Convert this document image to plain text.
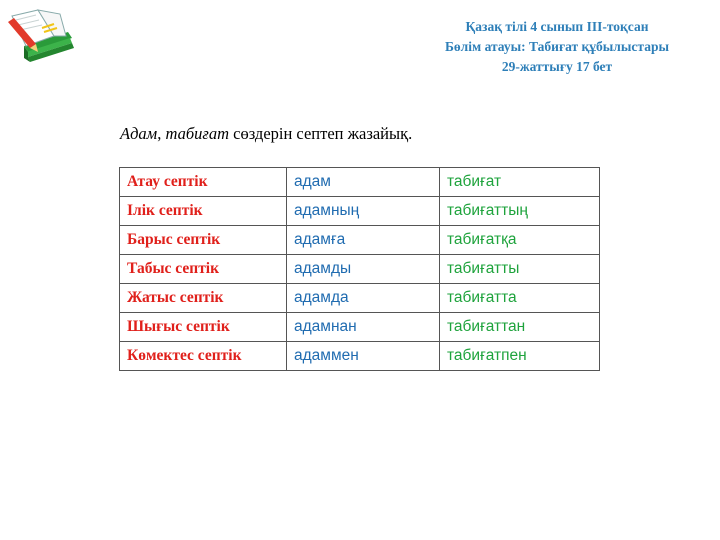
Қазақ тілі 4 сынып ІІІ-тоқсан
Бөлім атауы: Табиғат құбылыстары
29-жаттығу 17 бет
Адам, табиғат сөздерін септеп жазайық.
Атау септік	адам	табиғат
Ілік септік	адамның	табиғаттың
Барыс септік	адамға	табиғатқа
Табыс септік	адамды	табиғатты
Жатыс септік	адамда	табиғатта
Шығыс септік	адамнан	табиғаттан
Көмектес септік	адаммен	табиғатпен
